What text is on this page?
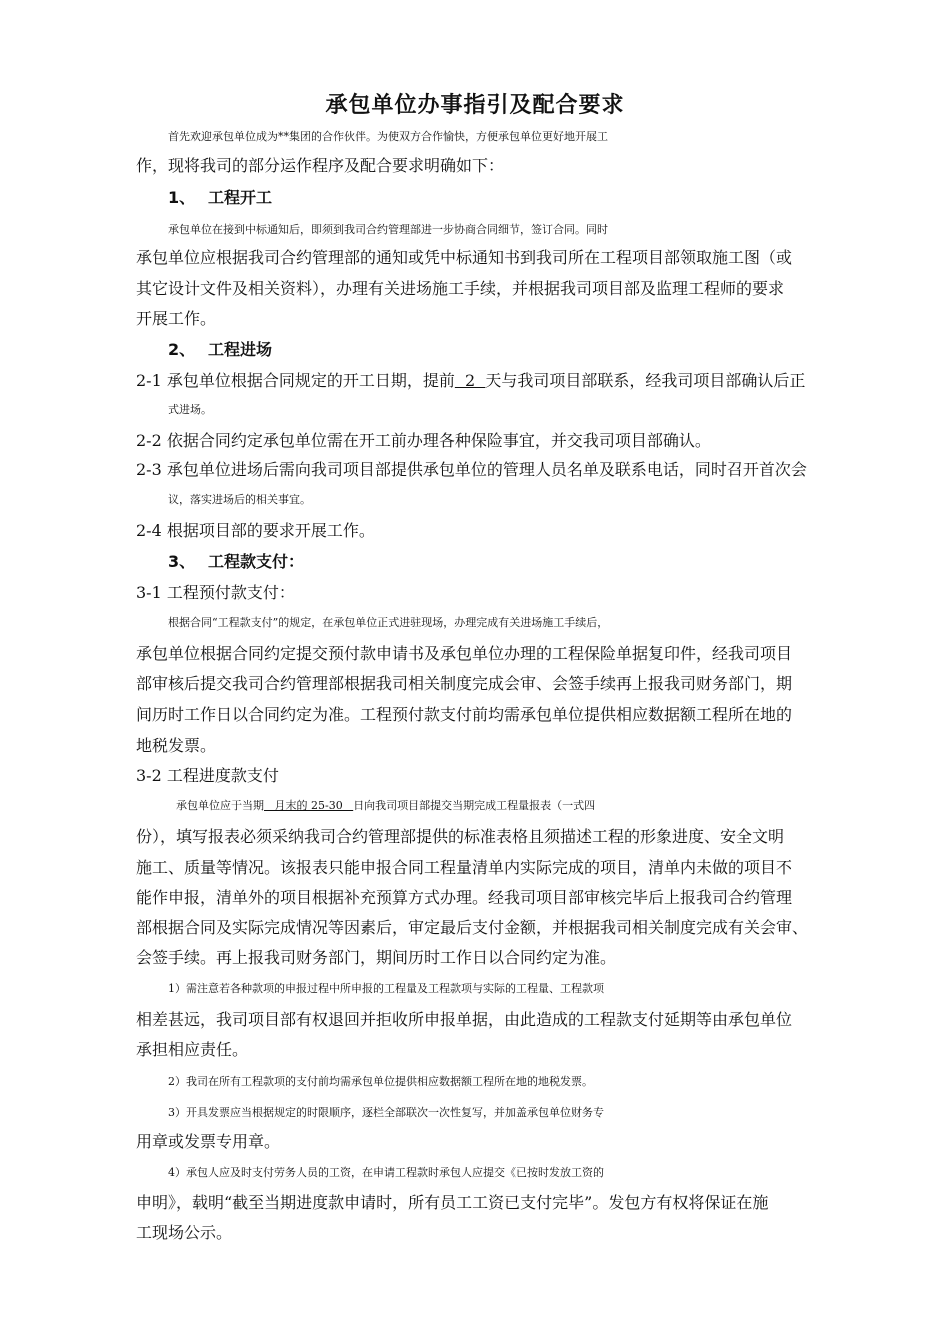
承包单位办事指引及配合要求
首先欢迎承包单位成为**集团的合作伙伴。为使双方合作愉快，方便承包单位更好地开展工
作，现将我司的部分运作程序及配合要求明确如下：
1、 工程开工
承包单位在接到中标通知后，即须到我司合约管理部进一步协商合同细节，签订合同。同时
承包单位应根据我司合约管理部的通知或凭中标通知书到我司所在工程项目部领取施工图（或
其它设计文件及相关资料），办理有关进场施工手续，并根据我司项目部及监理工程师的要求
开展工作。
2、 工程进场
2-1 承包单位根据合同规定的开工日期，提前  2  天与我司项目部联系，经我司项目部确认后正
式进场。
2-2 依据合同约定承包单位需在开工前办理各种保险事宜，并交我司项目部确认。
2-3 承包单位进场后需向我司项目部提供承包单位的管理人员名单及联系电话，同时召开首次会
议，落实进场后的相关事宜。
2-4 根据项目部的要求开展工作。
3、 工程款支付：
3-1 工程预付款支付：
根据合同“工程款支付”的规定，在承包单位正式进驻现场，办理完成有关进场施工手续后，
承包单位根据合同约定提交预付款申请书及承包单位办理的工程保险单据复印件，经我司项目
部审核后提交我司合约管理部根据我司相关制度完成会审、会签手续再上报我司财务部门，期
间历时工作日以合同约定为准。工程预付款支付前均需承包单位提供相应数据额工程所在地的
地税发票。
3-2 工程进度款支付
承包单位应于当期   月末的 25-30   日向我司项目部提交当期完成工程量报表（一式四
份），填写报表必须采纳我司合约管理部提供的标准表格且须描述工程的形象进度、安全文明
施工、质量等情况。该报表只能申报合同工程量清单内实际完成的项目，清单内未做的项目不
能作申报，清单外的项目根据补充预算方式办理。经我司项目部审核完毕后上报我司合约管理
部根据合同及实际完成情况等因素后，审定最后支付金额，并根据我司相关制度完成有关会审、
会签手续。再上报我司财务部门，期间历时工作日以合同约定为准。
1）需注意若各种款项的申报过程中所申报的工程量及工程款项与实际的工程量、工程款项
相差甚远，我司项目部有权退回并拒收所申报单据，由此造成的工程款支付延期等由承包单位
承担相应责任。
2）我司在所有工程款项的支付前均需承包单位提供相应数据额工程所在地的地税发票。
3）开具发票应当根据规定的时限顺序，逐栏全部联次一次性复写，并加盖承包单位财务专
用章或发票专用章。
4）承包人应及时支付劳务人员的工资，在申请工程款时承包人应提交《已按时发放工资的
申明》，载明“截至当期进度款申请时，所有员工工资已支付完毕”。发包方有权将保证在施
工现场公示。
